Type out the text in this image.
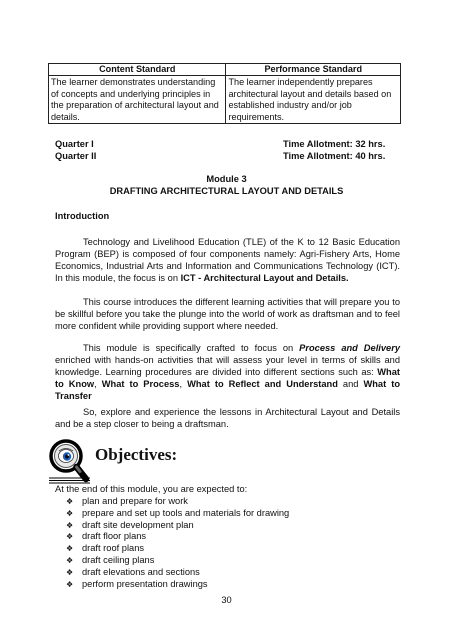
Content Standard	Performance Standard
The learner demonstrates understanding of concepts and underlying principles in the preparation of architectural layout and details.	The learner independently prepares architectural layout and details based on established industry and/or job requirements.
Quarter I	Time Allotment: 32 hrs.
Quarter II	Time Allotment: 40 hrs.
Module 3
DRAFTING ARCHITECTURAL LAYOUT AND DETAILS
Introduction

Technology and Livelihood Education (TLE) of the K to 12 Basic Education Program (BEP) is composed of four components namely: Agri-Fishery Arts, Home Economics, Industrial Arts and Information and Communications Technology (ICT). In this module, the focus is on ICT - Architectural Layout and Details.

This course introduces the different learning activities that will prepare you to be skillful before you take the plunge into the world of work as draftsman and to feel more confident while providing support where needed.

This module is specifically crafted to focus on Process and Delivery enriched with hands-on activities that will assess your level in terms of skills and knowledge. Learning procedures are divided into different sections such as: What to Know, What to Process, What to Reflect and Understand and What to Transfer

So, explore and experience the lessons in Architectural Layout and Details and be a step closer to being a draftsman.

Objectives:
At the end of this module, you are expected to:
❖ plan and prepare for work
❖ prepare and set up tools and materials for drawing
❖ draft site development plan
❖ draft floor plans
❖ draft roof plans
❖ draft ceiling plans
❖ draft elevations and sections
❖ perform presentation drawings
30
